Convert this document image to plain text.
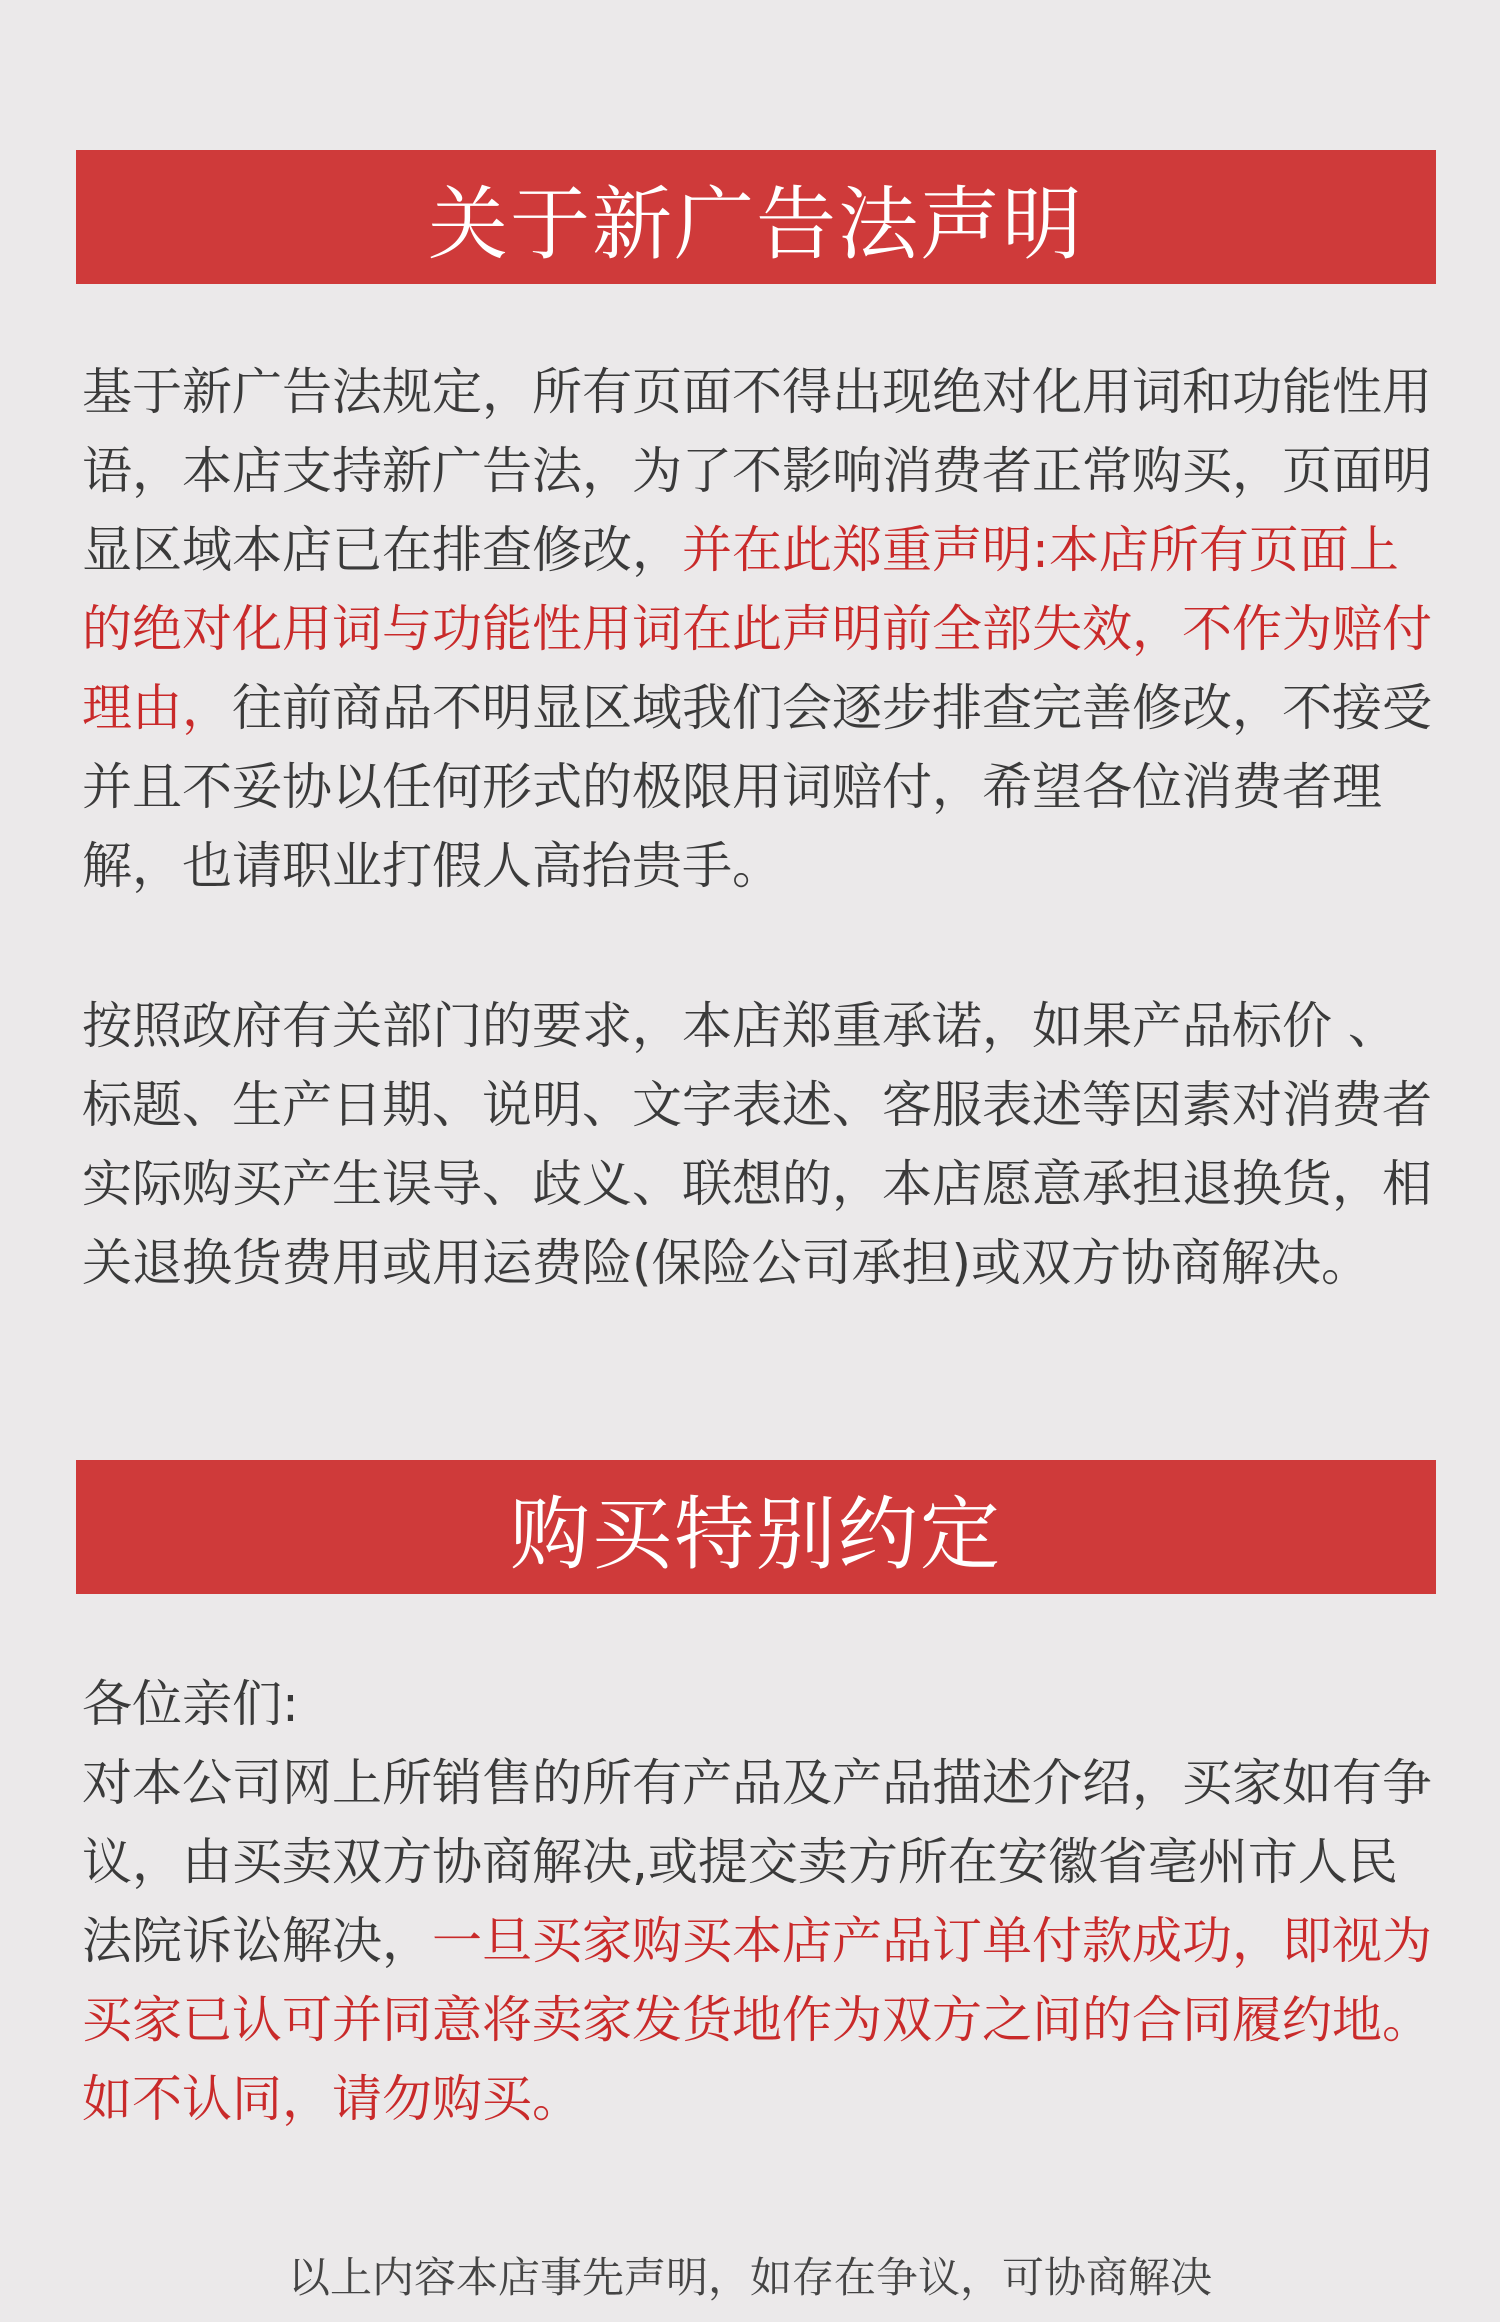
关于新广告法声明

基于新广告法规定，所有页面不得出现绝对化用词和功能性用语，本店支持新广告法，为了不影响消费者正常购买，页面明显区域本店已在排查修改，并在此郑重声明:本店所有页面上的绝对化用词与功能性用词在此声明前全部失效，不作为赔付理由，往前商品不明显区域我们会逐步排查完善修改，不接受并且不妥协以任何形式的极限用词赔付，希望各位消费者理解，也请职业打假人高抬贵手。

按照政府有关部门的要求，本店郑重承诺，如果产品标价 、 标题、生产日期、说明、文字表述、客服表述等因素对消费者实际购买产生误导、歧义、联想的，本店愿意承担退换货，相关退换货费用或用运费险(保险公司承担)或双方协商解决。

购买特别约定

各位亲们:
对本公司网上所销售的所有产品及产品描述介绍，买家如有争议，由买卖双方协商解决,或提交卖方所在安徽省亳州市人民法院诉讼解决，一旦买家购买本店产品订单付款成功，即视为买家已认可并同意将卖家发货地作为双方之间的合同履约地。如不认同，请勿购买。

以上内容本店事先声明，如存在争议，可协商解决
